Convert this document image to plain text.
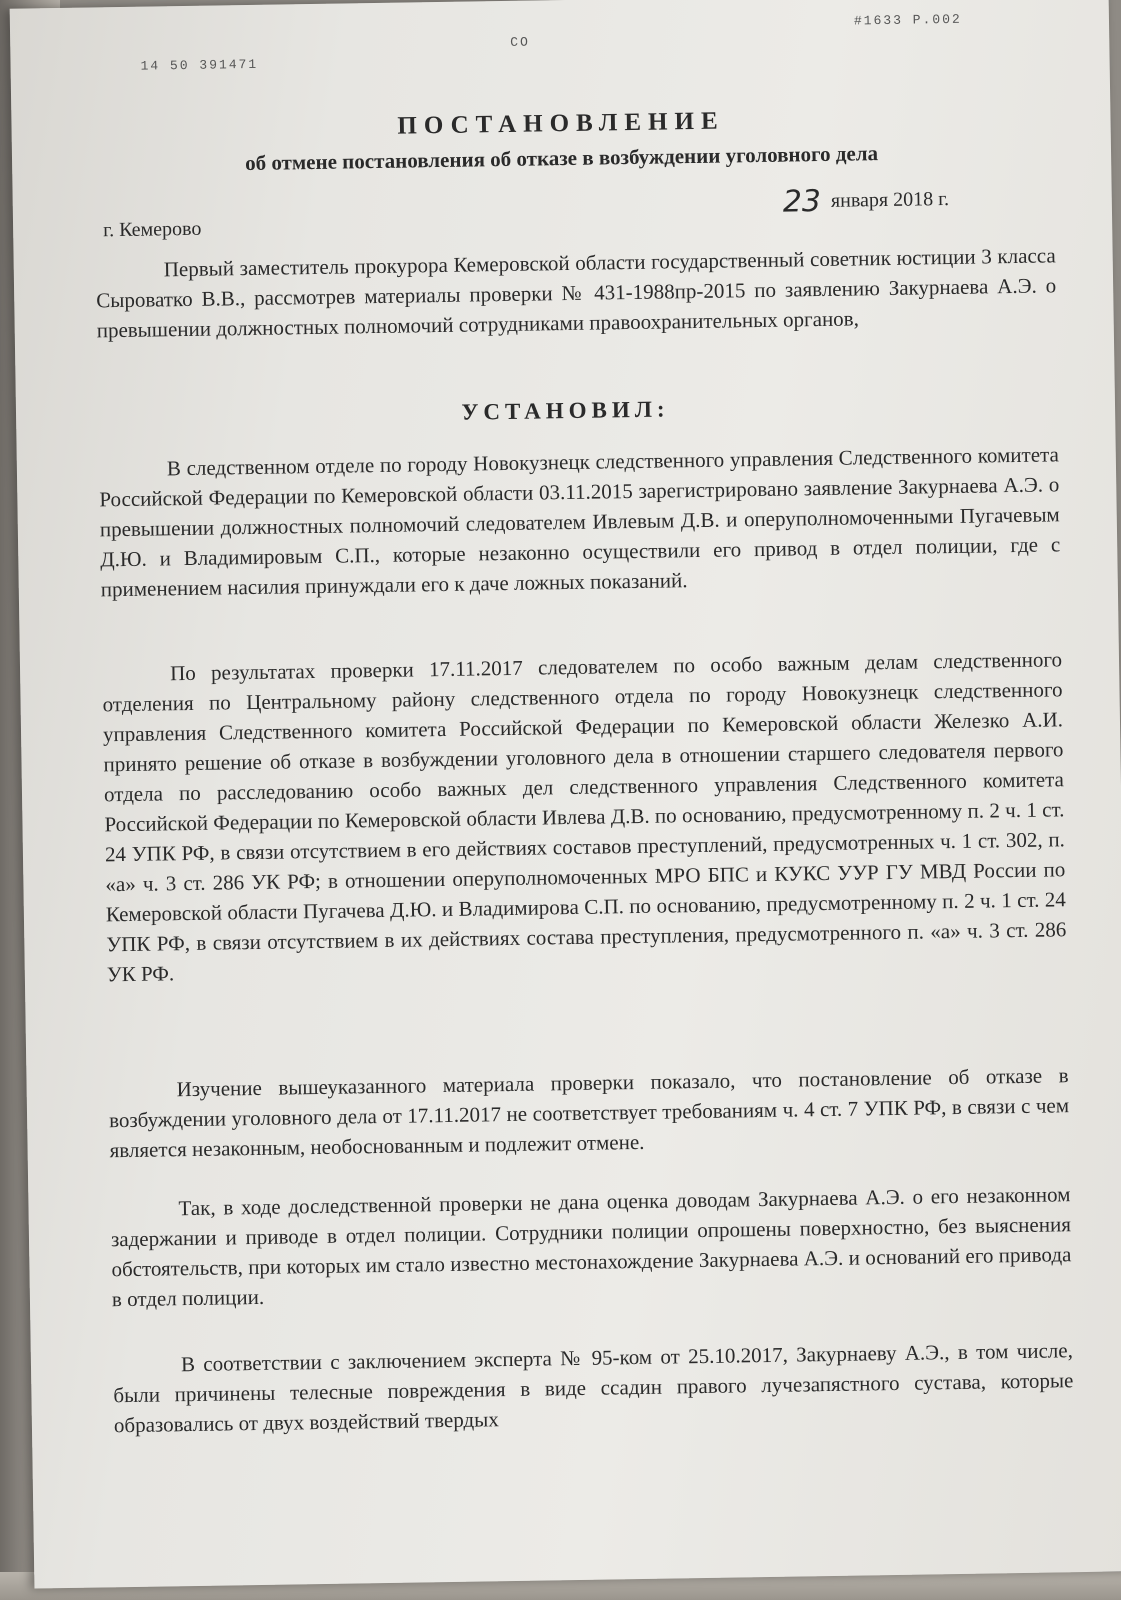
14 50 391471
CO
#1633 P.002
ПОСТАНОВЛЕНИЕ
об отмене постановления об отказе в возбуждении уголовного дела
г. Кемерово
23 января 2018 г.

Первый заместитель прокурора Кемеровской области государственный советник юстиции 3 класса Сыроватко В.В., рассмотрев материалы проверки № 431-1988пр-2015 по заявлению Закурнаева А.Э. о превышении должностных полномочий сотрудниками правоохранительных органов,

УСТАНОВИЛ:

В следственном отделе по городу Новокузнецк следственного управления Следственного комитета Российской Федерации по Кемеровской области 03.11.2015 зарегистрировано заявление Закурнаева А.Э. о превышении должностных полномочий следователем Ивлевым Д.В. и оперуполномоченными Пугачевым Д.Ю. и Владимировым С.П., которые незаконно осуществили его привод в отдел полиции, где с применением насилия принуждали его к даче ложных показаний.

По результатах проверки 17.11.2017 следователем по особо важным делам следственного отделения по Центральному району следственного отдела по городу Новокузнецк следственного управления Следственного комитета Российской Федерации по Кемеровской области Железко А.И. принято решение об отказе в возбуждении уголовного дела в отношении старшего следователя первого отдела по расследованию особо важных дел следственного управления Следственного комитета Российской Федерации по Кемеровской области Ивлева Д.В. по основанию, предусмотренному п. 2 ч. 1 ст. 24 УПК РФ, в связи отсутствием в его действиях составов преступлений, предусмотренных ч. 1 ст. 302, п. «а» ч. 3 ст. 286 УК РФ; в отношении оперуполномоченных МРО БПС и КУКС УУР ГУ МВД России по Кемеровской области Пугачева Д.Ю. и Владимирова С.П. по основанию, предусмотренному п. 2 ч. 1 ст. 24 УПК РФ, в связи отсутствием в их действиях состава преступления, предусмотренного п. «а» ч. 3 ст. 286 УК РФ.

Изучение вышеуказанного материала проверки показало, что постановление об отказе в возбуждении уголовного дела от 17.11.2017 не соответствует требованиям ч. 4 ст. 7 УПК РФ, в связи с чем является незаконным, необоснованным и подлежит отмене.

Так, в ходе доследственной проверки не дана оценка доводам Закурнаева А.Э. о его незаконном задержании и приводе в отдел полиции. Сотрудники полиции опрошены поверхностно, без выяснения обстоятельств, при которых им стало известно местонахождение Закурнаева А.Э. и оснований его привода в отдел полиции.

В соответствии с заключением эксперта № 95-ком от 25.10.2017, Закурнаеву А.Э., в том числе, были причинены телесные повреждения в виде ссадин правого лучезапястного сустава, которые образовались от двух воздействий твердых
